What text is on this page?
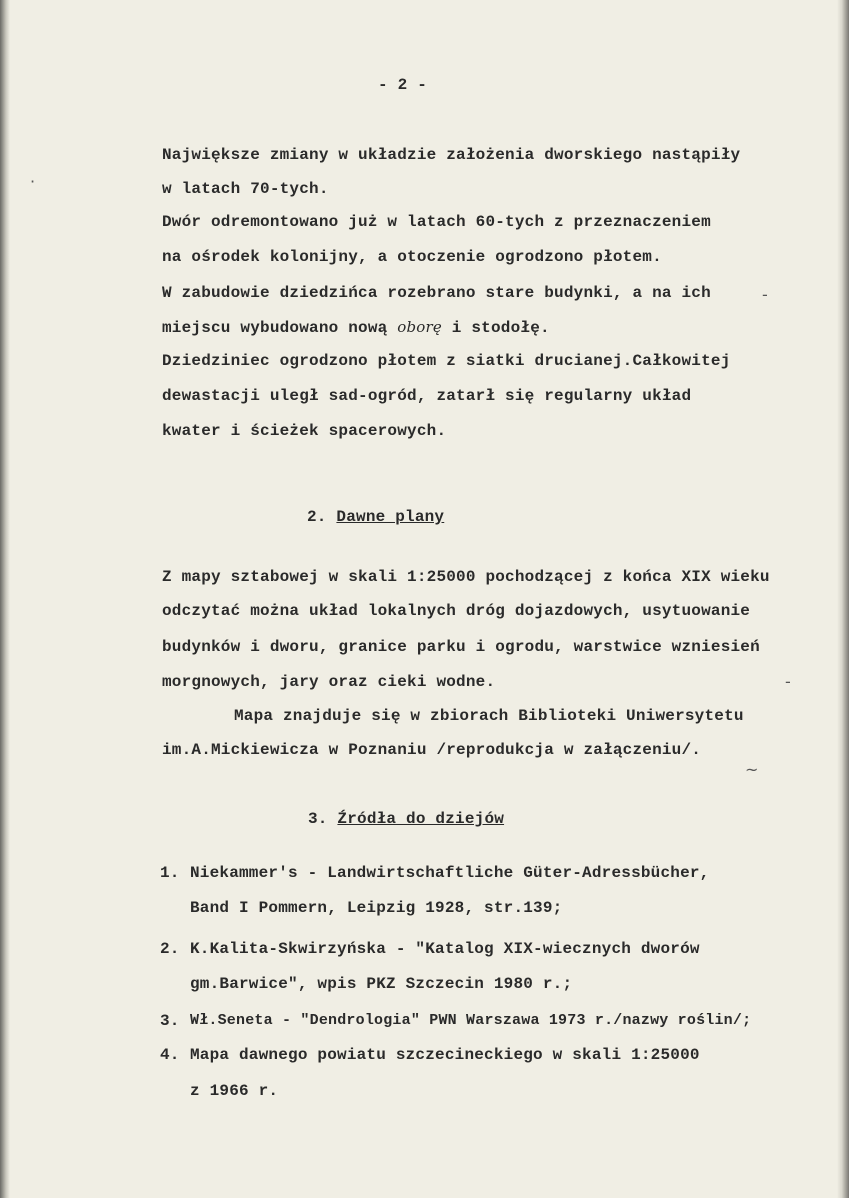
- 2 -
Największe zmiany w układzie założenia dworskiego nastąpiły
w latach 70-tych.
Dwór odremontowano już w latach 60-tych z przeznaczeniem
na ośrodek kolonijny, a otoczenie ogrodzono płotem.
W zabudowie dziedzińca rozebrano stare budynki, a na ich
miejscu wybudowano nową oborę i stodołę.
Dziedziniec ogrodzono płotem z siatki drucianej.Całkowitej
dewastacji uległ sad-ogród, zatarł się regularny układ
kwater i ścieżek spacerowych.
2. Dawne plany
Z mapy sztabowej w skali 1:25000 pochodzącej z końca XIX wieku
odczytać można układ lokalnych dróg dojazdowych, usytuowanie
budynków i dworu, granice parku i ogrodu, warstwice wzniesień
morgnowych, jary oraz cieki wodne.
Mapa znajduje się w zbiorach Biblioteki Uniwersytetu
im.A.Mickiewicza w Poznaniu /reprodukcja w załączeniu/.
3. Źródła do dziejów
1. Niekammer's - Landwirtschaftliche Güter-Adressbücher,
Band I Pommern, Leipzig 1928, str.139;
2. K.Kalita-Skwirzyńska - "Katalog XIX-wiecznych dworów
gm.Barwice", wpis PKZ Szczecin 1980 r.;
3. Wł.Seneta - "Dendrologia" PWN Warszawa 1973 r./nazwy roślin/;
4. Mapa dawnego powiatu szczecineckiego w skali 1:25000
z 1966 r.
-
-
~
·
